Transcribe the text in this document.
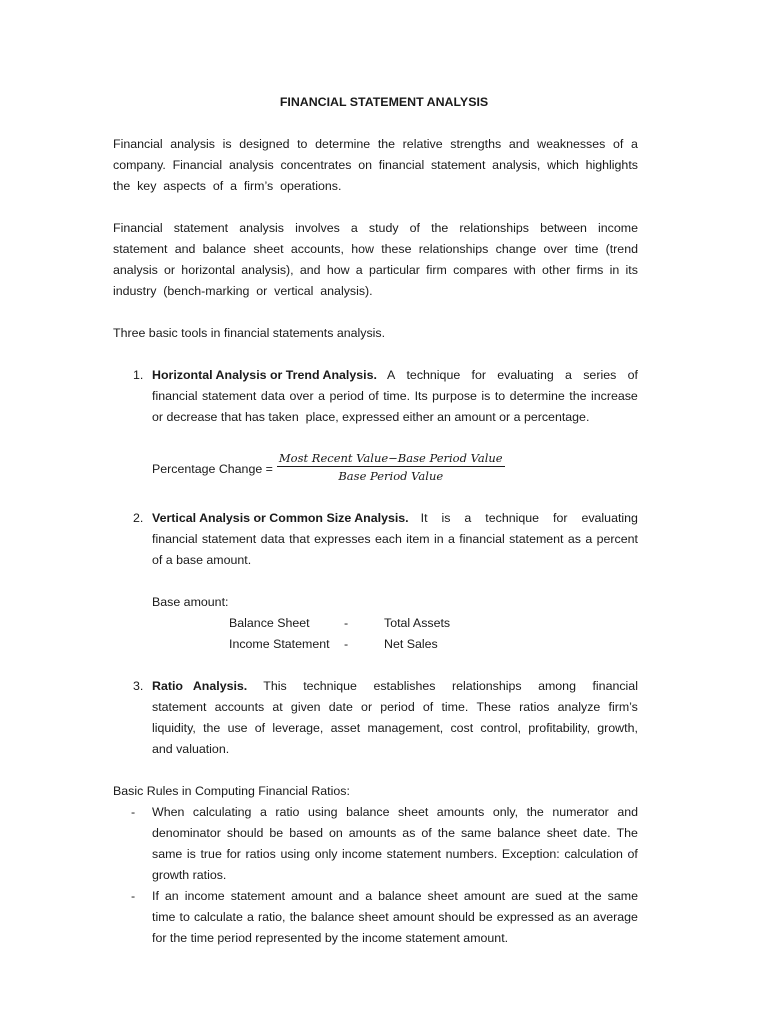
FINANCIAL STATEMENT ANALYSIS
Financial analysis is designed to determine the relative strengths and weaknesses of a
company. Financial analysis concentrates on financial statement analysis, which highlights
the  key  aspects  of  a  firm’s  operations.
Financial statement analysis involves a study of the relationships between income
statement and balance sheet accounts, how these relationships change over time (trend
analysis or horizontal analysis), and how a particular firm compares with other firms in its
industry  (bench-marking  or  vertical  analysis).
Three basic tools in financial statements analysis.
1. Horizontal Analysis or Trend Analysis. A technique for evaluating a series of
financial statement data over a period of time. Its purpose is to determine the increase
or decrease that has taken  place, expressed either an amount or a percentage.
Percentage Change = $\frac{\text{Most Recent Value−Base Period Value}}{\text{Base Period Value}}$
2. Vertical Analysis or Common Size Analysis. It is a technique for evaluating
financial statement data that expresses each item in a financial statement as a percent
of a base amount.
Base amount:
Balance Sheet	-	Total Assets
Income Statement -	Net Sales
3. Ratio   Analysis. This technique establishes relationships among financial
statement accounts at given date or period of time. These ratios analyze firm’s
liquidity, the use of leverage, asset management, cost control, profitability, growth,
and valuation.
Basic Rules in Computing Financial Ratios:
- When calculating a ratio using balance sheet amounts only, the numerator and
denominator should be based on amounts as of the same balance sheet date. The
same is true for ratios using only income statement numbers. Exception: calculation of
growth ratios.
- If an income statement amount and a balance sheet amount are sued at the same
time to calculate a ratio, the balance sheet amount should be expressed as an average
for the time period represented by the income statement amount.
